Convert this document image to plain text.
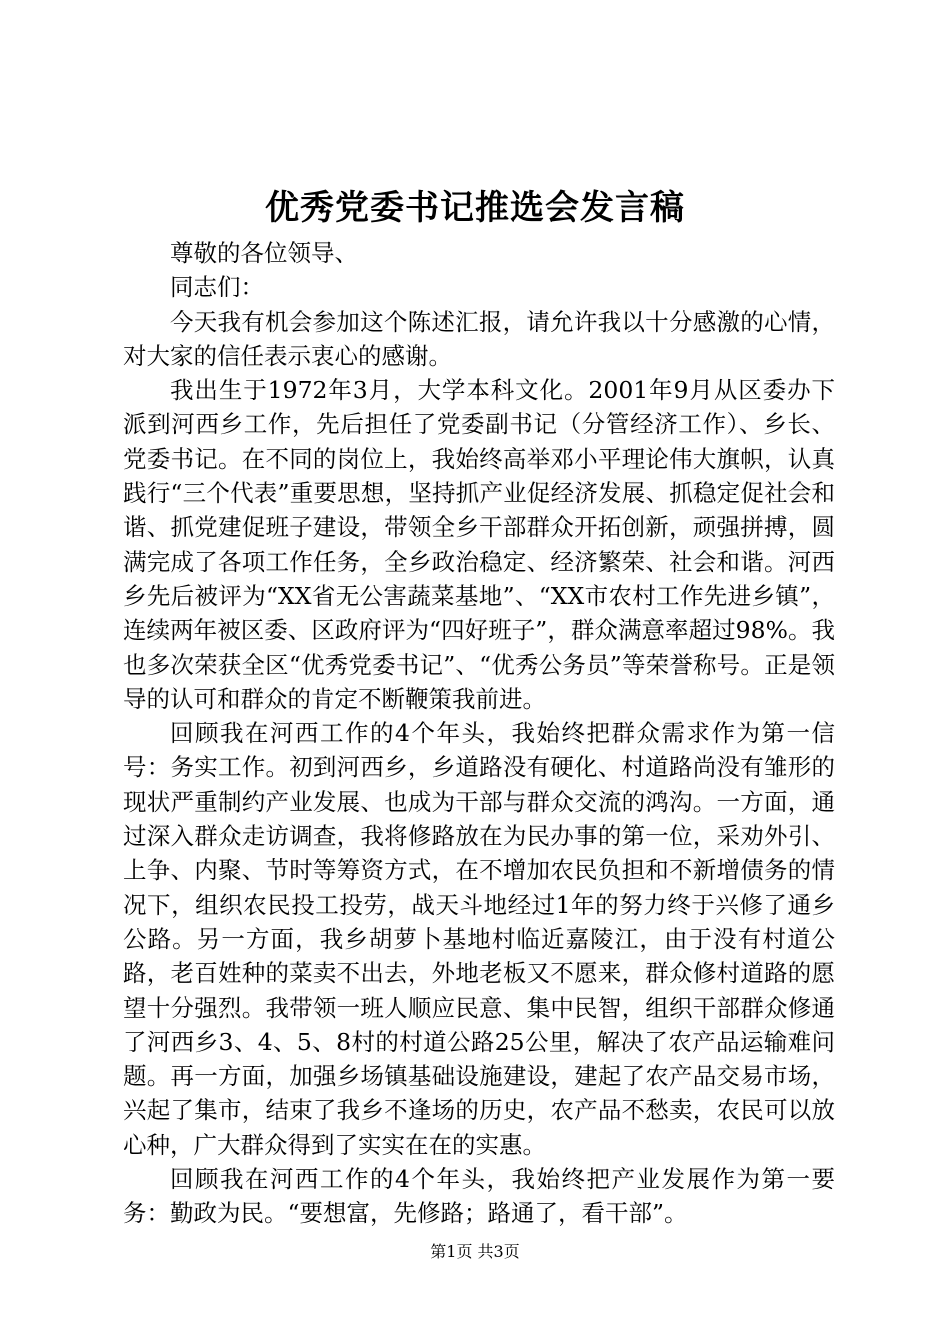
优秀党委书记推选会发言稿

尊敬的各位领导、

同志们：

今天我有机会参加这个陈述汇报，请允许我以十分感激的心情，对大家的信任表示衷心的感谢。

我出生于1972年3月，大学本科文化。2001年9月从区委办下派到河西乡工作，先后担任了党委副书记（分管经济工作）、乡长、党委书记。在不同的岗位上，我始终高举邓小平理论伟大旗帜，认真践行“三个代表”重要思想，坚持抓产业促经济发展、抓稳定促社会和谐、抓党建促班子建设，带领全乡干部群众开拓创新，顽强拼搏，圆满完成了各项工作任务，全乡政治稳定、经济繁荣、社会和谐。河西乡先后被评为“XX省无公害蔬菜基地”、“XX市农村工作先进乡镇”，连续两年被区委、区政府评为“四好班子”，群众满意率超过98%。我也多次荣获全区“优秀党委书记”、“优秀公务员”等荣誉称号。正是领导的认可和群众的肯定不断鞭策我前进。

回顾我在河西工作的4个年头，我始终把群众需求作为第一信号：务实工作。初到河西乡，乡道路没有硬化、村道路尚没有雏形的现状严重制约产业发展、也成为干部与群众交流的鸿沟。一方面，通过深入群众走访调查，我将修路放在为民办事的第一位，采劝外引、上争、内聚、节时等筹资方式，在不增加农民负担和不新增债务的情况下，组织农民投工投劳，战天斗地经过1年的努力终于兴修了通乡公路。另一方面，我乡胡萝卜基地村临近嘉陵江，由于没有村道公路，老百姓种的菜卖不出去，外地老板又不愿来，群众修村道路的愿望十分强烈。我带领一班人顺应民意、集中民智，组织干部群众修通了河西乡3、4、5、8村的村道公路25公里，解决了农产品运输难问题。再一方面，加强乡场镇基础设施建设，建起了农产品交易市场，兴起了集市，结束了我乡不逢场的历史，农产品不愁卖，农民可以放心种，广大群众得到了实实在在的实惠。

回顾我在河西工作的4个年头，我始终把产业发展作为第一要务：勤政为民。“要想富，先修路；路通了，看干部”。

第1页 共3页
